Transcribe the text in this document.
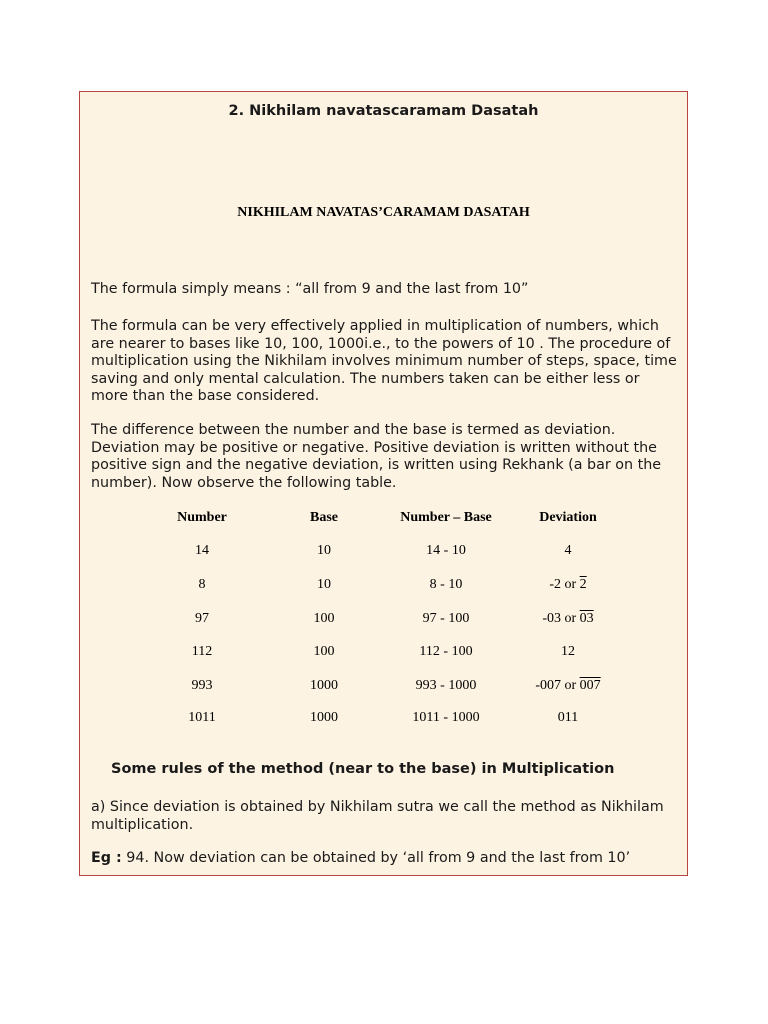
2. Nikhilam navatascaramam Dasatah
NIKHILAM NAVATAS’CARAMAM DASATAH

The formula simply means : “all from 9 and the last from 10”

The formula can be very effectively applied in multiplication of numbers, which are nearer to bases like 10, 100, 1000i.e., to the powers of 10 . The procedure of multiplication using the Nikhilam involves minimum number of steps, space, time saving and only mental calculation. The numbers taken can be either less or more than the base considered.

The difference between the number and the base is termed as deviation. Deviation may be positive or negative. Positive deviation is written without the positive sign and the negative deviation, is written using Rekhank (a bar on the number). Now observe the following table.

Number	Base	Number – Base	Deviation
14	10	14 - 10	4
8	10	8 - 10	-2 or 2
97	100	97 - 100	-03 or 03
112	100	112 - 100	12
993	1000	993 - 1000	-007 or 007
1011	1000	1011 - 1000	011
Some rules of the method (near to the base) in Multiplication

a) Since deviation is obtained by Nikhilam sutra we call the method as Nikhilam multiplication.

Eg : 94. Now deviation can be obtained by ‘all from 9 and the last from 10’
